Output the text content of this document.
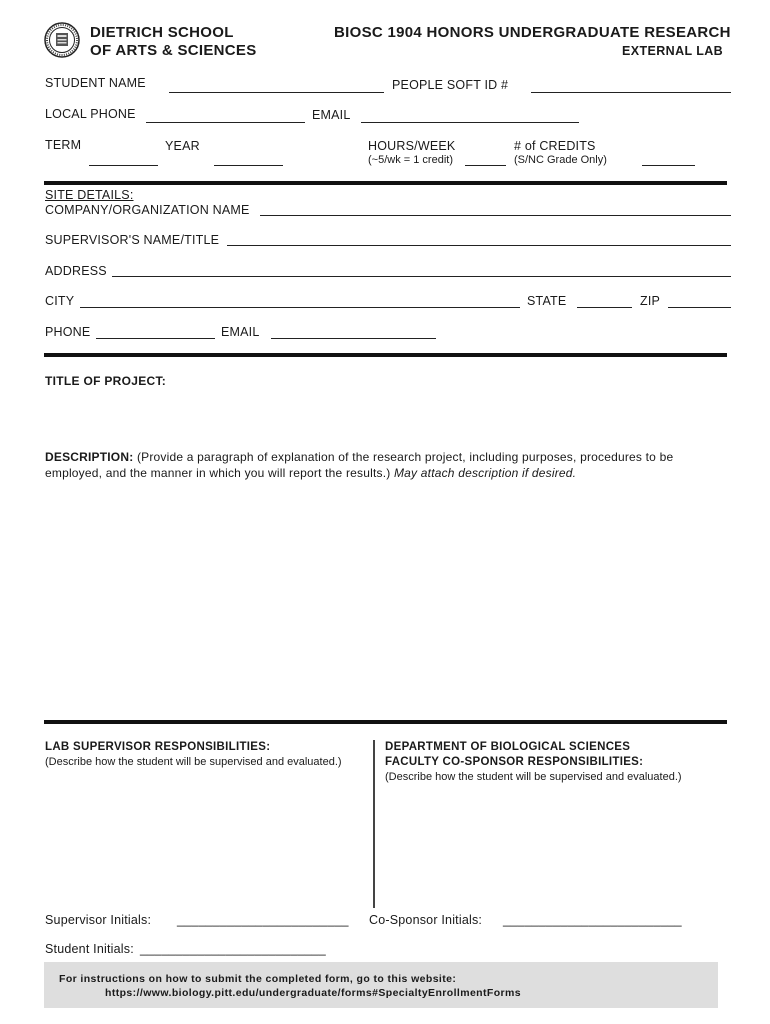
DIETRICH SCHOOL
OF ARTS & SCIENCES
BIOSC 1904 HONORS UNDERGRADUATE RESEARCH
EXTERNAL LAB
STUDENT NAME	PEOPLE SOFT ID #
LOCAL PHONE	EMAIL
TERM	YEAR	HOURS/WEEK
(~5/wk = 1 credit)
# of CREDITS
(S/NC Grade Only)
SITE DETAILS:
COMPANY/ORGANIZATION NAME
SUPERVISOR'S NAME/TITLE
ADDRESS
CITY	STATE	ZIP
PHONE	EMAIL
TITLE OF PROJECT:
DESCRIPTION: (Provide a paragraph of explanation of the research project, including purposes, procedures to be
employed, and the manner in which you will report the results.) May attach description if desired.
LAB SUPERVISOR RESPONSIBILITIES:
(Describe how the student will be supervised and evaluated.)
DEPARTMENT OF BIOLOGICAL SCIENCES
FACULTY CO-SPONSOR RESPONSIBILITIES:
(Describe how the student will be supervised and evaluated.)
Supervisor Initials: ________________________ Co-Sponsor Initials: _________________________
Student Initials: __________________________
For instructions on how to submit the completed form, go to this website:
https://www.biology.pitt.edu/undergraduate/forms#SpecialtyEnrollmentForms
